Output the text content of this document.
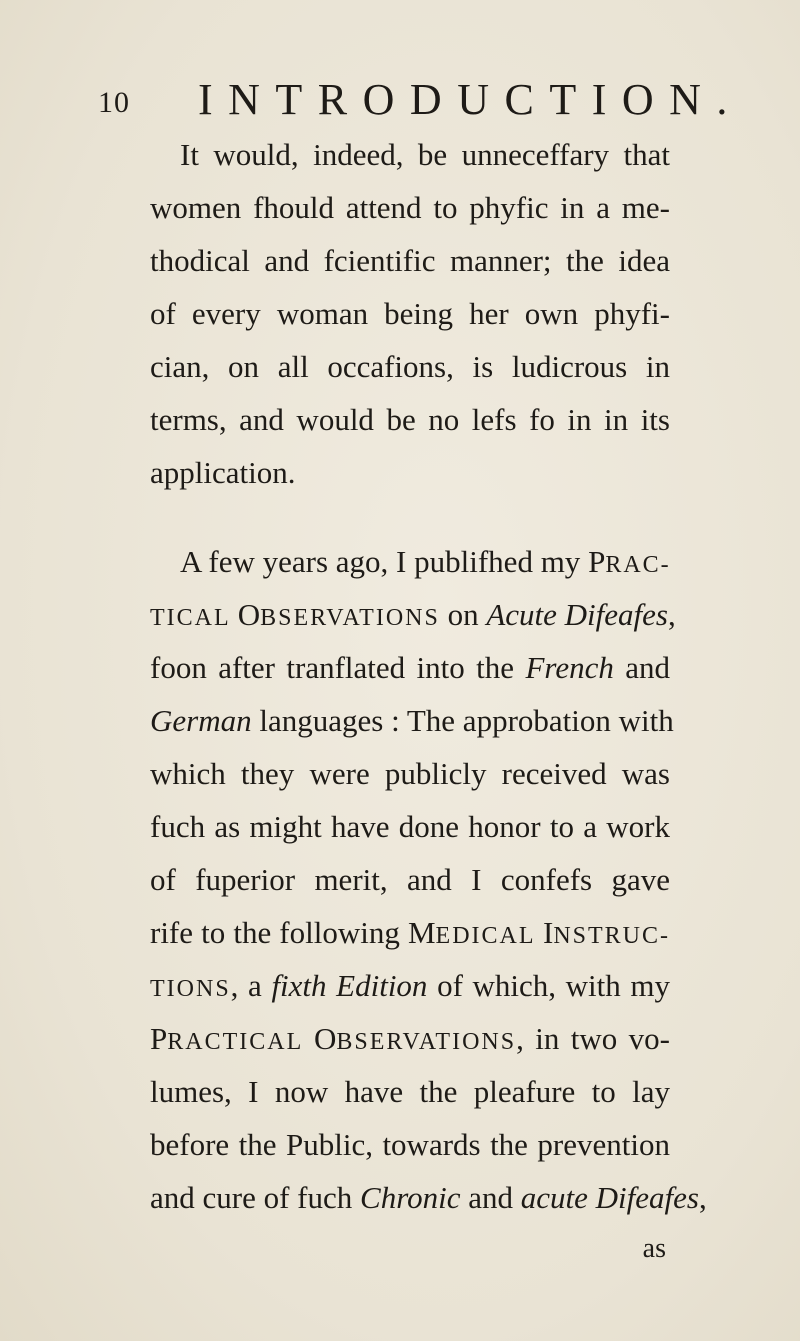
10 INTRODUCTION.
It would, indeed, be unneceffary that
women fhould attend to phyfic in a me-
thodical and fcientific manner; the idea
of every woman being her own phyfi-
cian, on all occafions, is ludicrous in
terms, and would be no lefs fo in in its
application.
A few years ago, I publifhed my PRAC-
TICAL OBSERVATIONS on Acute Difeafes,
foon after tranflated into the French and
German languages : The approbation with
which they were publicly received was
fuch as might have done honor to a work
of fuperior merit, and I confefs gave
rife to the following MEDICAL INSTRUC-
TIONS, a fixth Edition of which, with my
PRACTICAL OBSERVATIONS, in two vo-
lumes, I now have the pleafure to lay
before the Public, towards the prevention
and cure of fuch Chronic and acute Difeafes,
as
